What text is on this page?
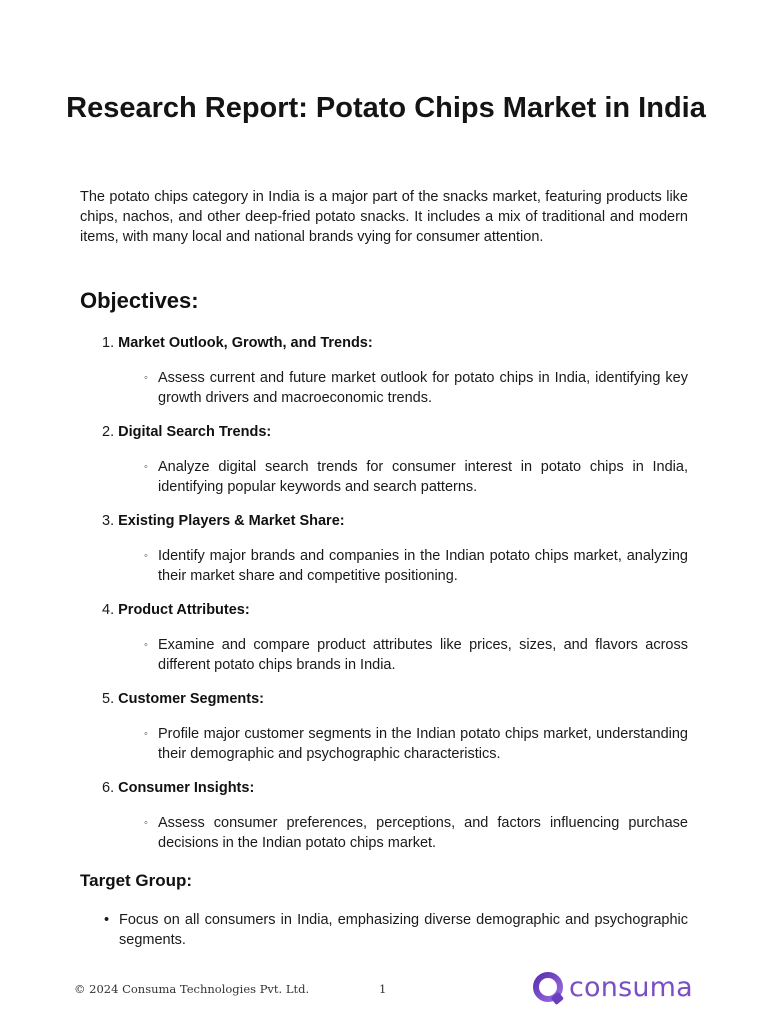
Research Report: Potato Chips Market in India

The potato chips category in India is a major part of the snacks market, featuring products like chips, nachos, and other deep-fried potato snacks. It includes a mix of traditional and modern items, with many local and national brands vying for consumer attention.

Objectives:
1. Market Outlook, Growth, and Trends:
◦ Assess current and future market outlook for potato chips in India, identifying key growth drivers and macroeconomic trends.
2. Digital Search Trends:
◦ Analyze digital search trends for consumer interest in potato chips in India, identifying popular keywords and search patterns.
3. Existing Players & Market Share:
◦ Identify major brands and companies in the Indian potato chips market, analyzing their market share and competitive positioning.
4. Product Attributes:
◦ Examine and compare product attributes like prices, sizes, and flavors across different potato chips brands in India.
5. Customer Segments:
◦ Profile major customer segments in the Indian potato chips market, understanding their demographic and psychographic characteristics.
6. Consumer Insights:
◦ Assess consumer preferences, perceptions, and factors influencing purchase decisions in the Indian potato chips market.
Target Group:
• Focus on all consumers in India, emphasizing diverse demographic and psychographic segments.
© 2024 Consuma Technologies Pvt. Ltd.	1	consuma
